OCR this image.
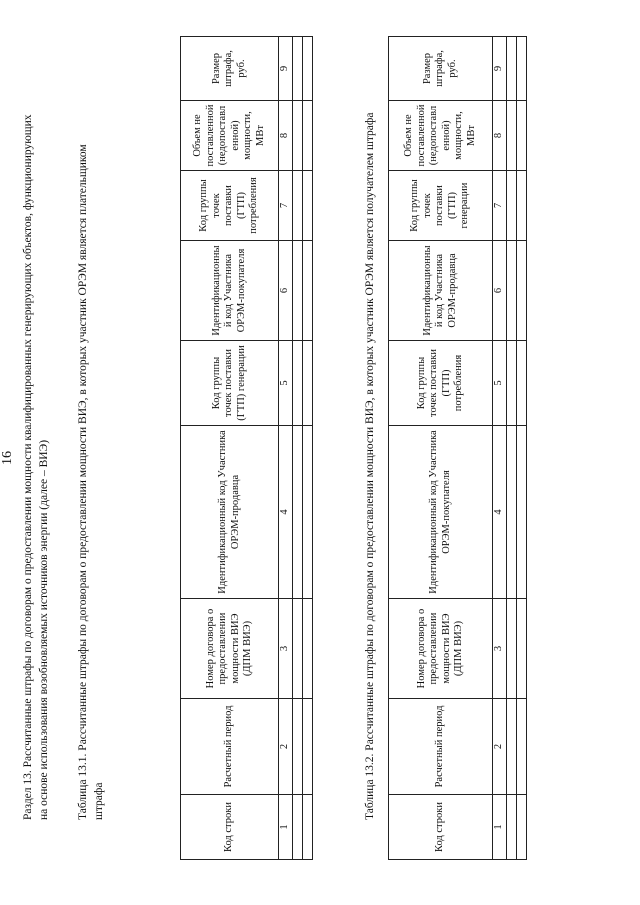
16 Раздел 13. Рассчитанные штрафы по договорам о предоставлении мощности квалифицированных генерирующих объектов, функционирующих на основе использования возобновляемых источников энергии (далее – ВИЭ) Таблица 13.1. Рассчитанные штрафы по договорам о предоставлении мощности ВИЭ, в которых участник ОРЭМ является плательщиком штрафа
Код строки	Расчетный период	Номер договора о предоставлении мощности ВИЭ (ДПМ ВИЭ)	Идентификационный код Участника ОРЭМ-продавца	Код группы точек поставки (ГТП) генерации	Идентификационный код Участника ОРЭМ-покупателя	Код группы точек поставки (ГТП) потребления	Объем не поставленной (недопоставленной) мощности, МВт	Размер штрафа, руб.
1	2	3	4	5	6	7	8	9

Таблица 13.2. Рассчитанные штрафы по договорам о предоставлении мощности ВИЭ, в которых участник ОРЭМ является получателем штрафа
Код строки	Расчетный период	Номер договора о предоставлении мощности ВИЭ (ДПМ ВИЭ)	Идентификационный код Участника ОРЭМ-покупателя	Код группы точек поставки (ГТП) потребления	Идентификационный код Участника ОРЭМ-продавца	Код группы точек поставки (ГТП) генерации	Объем не поставленной (недопоставленной) мощности, МВт	Размер штрафа, руб.
1	2	3	4	5	6	7	8	9
